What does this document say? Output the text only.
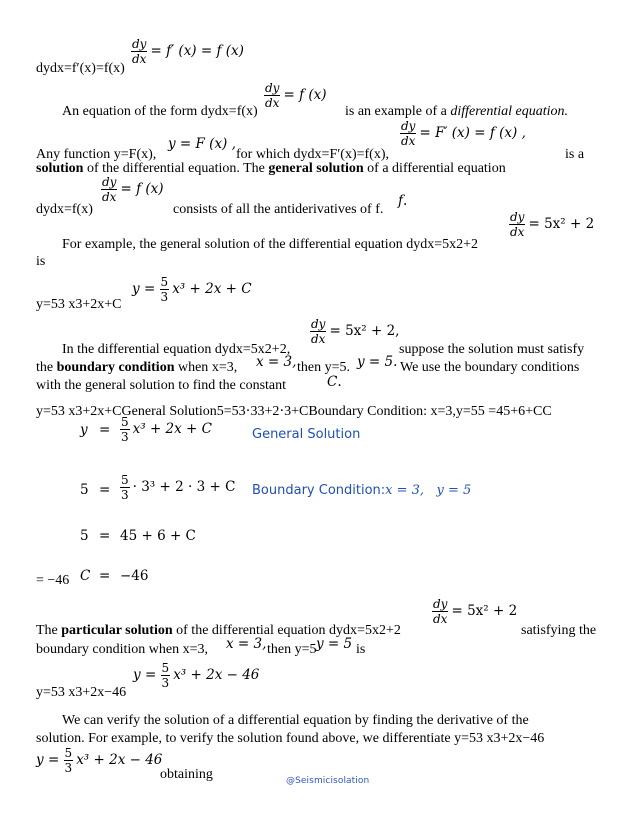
$\frac{dy}{dx} = f'$ (x) = f (x)
dydx=f′(x)=f(x)
An equation of the form dydx=f(x)
$\frac{dy}{dx} = f$ (x)
is an example of a differential equation.
Any function y=F(x),
y = F (x) ,
for which dydx=F′(x)=f(x),
$\frac{dy}{dx} = F'$ (x) = f (x) ,
is a
solution of the differential equation. The general solution of a differential equation
$\frac{dy}{dx} = f$ (x)
dydx=f(x)	consists of all the antiderivatives of f.
f.
For example, the general solution of the differential equation dydx=5x2+2
$\frac{dy}{dx} = 5x^2 + 2$
is
y=53 x3+2x+C
$y = \frac{5}{3} x^3 + 2x + C$
In the differential equation dydx=5x2+2,
$\frac{dy}{dx} = 5x^2 + 2$,
suppose the solution must satisfy
the boundary condition when x=3, x = 3, then y=5. y = 5. We use the boundary conditions
with the general solution to find the constant	C.
y=53 x3+2x+CGeneral Solution5=53⋅33+2⋅3+CBoundary Condition: x=3,y=55 =45+6+CC
$y = \frac{5}{3} x^3 + 2x + C$	General Solution
$5 = \frac{5}{3} \cdot 3^3 + 2 \cdot 3 + C$ Boundary Condition:x = 3, y = 5
5 = 45 + 6 + C
= −46 C = −46
The particular solution of the differential equation dydx=5x2+2
$\frac{dy}{dx} = 5x^2 + 2$
satisfying the
boundary condition when x=3, x = 3, then y=5 y = 5 is
y=53 x3+2x−46
$y = \frac{5}{3} x^3 + 2x - 46$
We can verify the solution of a differential equation by finding the derivative of the
solution. For example, to verify the solution found above, we differentiate y=53 x3+2x−46
$y = \frac{5}{3} x^3 + 2x - 46$
obtaining	@Seismicisolation
